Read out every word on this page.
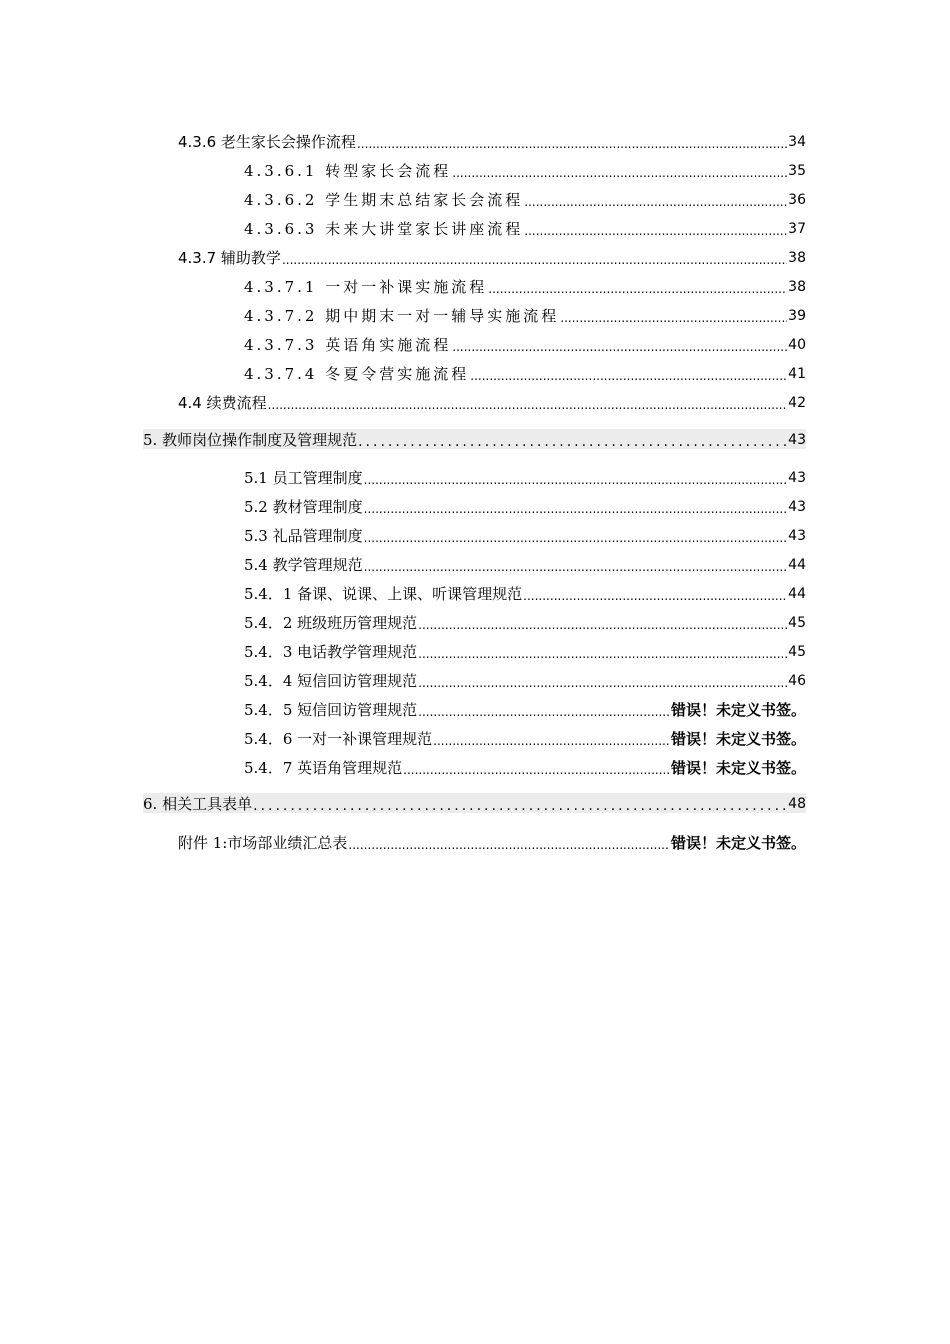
4.3.6 老生家长会操作流程 .....	34
4.3.6.1 转型家长会流程 .....	35
4.3.6.2 学生期末总结家长会流程 .....	36
4.3.6.3 未来大讲堂家长讲座流程 .....	37
4.3.7 辅助教学 .....	38
4.3.7.1 一对一补课实施流程 .....	38
4.3.7.2 期中期末一对一辅导实施流程 .....	39
4.3.7.3 英语角实施流程 .....	40
4.3.7.4 冬夏令营实施流程 .....	41
4.4 续费流程 .....	42
5. 教师岗位操作制度及管理规范 .....	43
5.1 员工管理制度 .....	43
5.2 教材管理制度 .....	43
5.3 礼品管理制度 .....	43
5.4 教学管理规范 .....	44
5.4．1 备课、说课、上课、听课管理规范 .....	44
5.4．2 班级班历管理规范 .....	45
5.4．3 电话教学管理规范 .....	45
5.4．4 短信回访管理规范 .....	46
5.4．5 短信回访管理规范 .....	错误！未定义书签。
5.4．6 一对一补课管理规范 .....	错误！未定义书签。
5.4．7 英语角管理规范 .....	错误！未定义书签。
6. 相关工具表单 .....	48
附件 1:市场部业绩汇总表 .....	错误！未定义书签。
